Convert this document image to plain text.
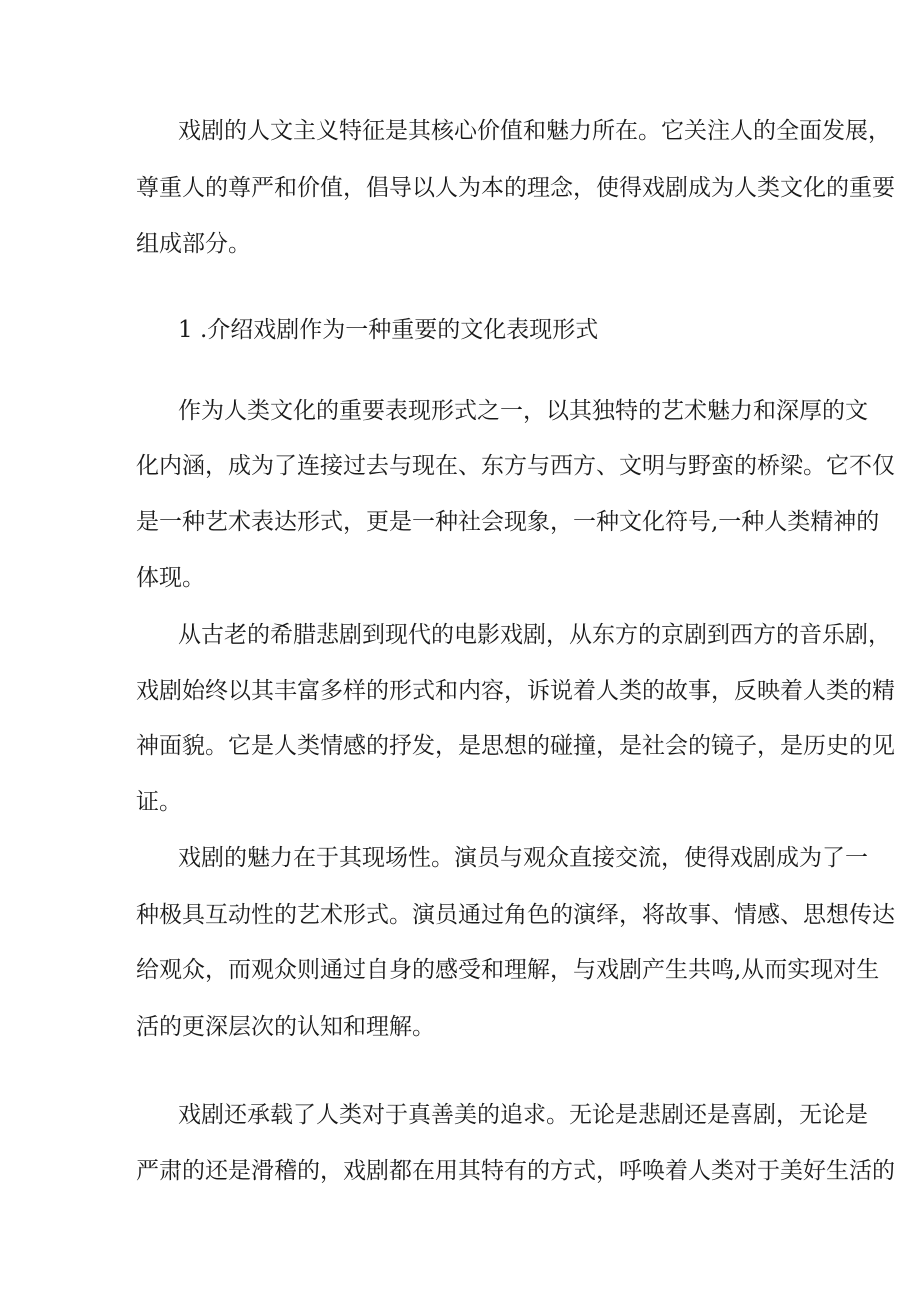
戏剧的人文主义特征是其核心价值和魅力所在。它关注人的全面发展，
尊重人的尊严和价值，倡导以人为本的理念，使得戏剧成为人类文化的重要
组成部分。
1 .介绍戏剧作为一种重要的文化表现形式
作为人类文化的重要表现形式之一，以其独特的艺术魅力和深厚的文
化内涵，成为了连接过去与现在、东方与西方、文明与野蛮的桥梁。它不仅
是一种艺术表达形式，更是一种社会现象，一种文化符号,一种人类精神的
体现。
从古老的希腊悲剧到现代的电影戏剧，从东方的京剧到西方的音乐剧，
戏剧始终以其丰富多样的形式和内容，诉说着人类的故事，反映着人类的精
神面貌。它是人类情感的抒发，是思想的碰撞，是社会的镜子，是历史的见
证。
戏剧的魅力在于其现场性。演员与观众直接交流，使得戏剧成为了一
种极具互动性的艺术形式。演员通过角色的演绎，将故事、情感、思想传达
给观众，而观众则通过自身的感受和理解，与戏剧产生共鸣,从而实现对生
活的更深层次的认知和理解。
戏剧还承载了人类对于真善美的追求。无论是悲剧还是喜剧，无论是
严肃的还是滑稽的，戏剧都在用其特有的方式，呼唤着人类对于美好生活的
